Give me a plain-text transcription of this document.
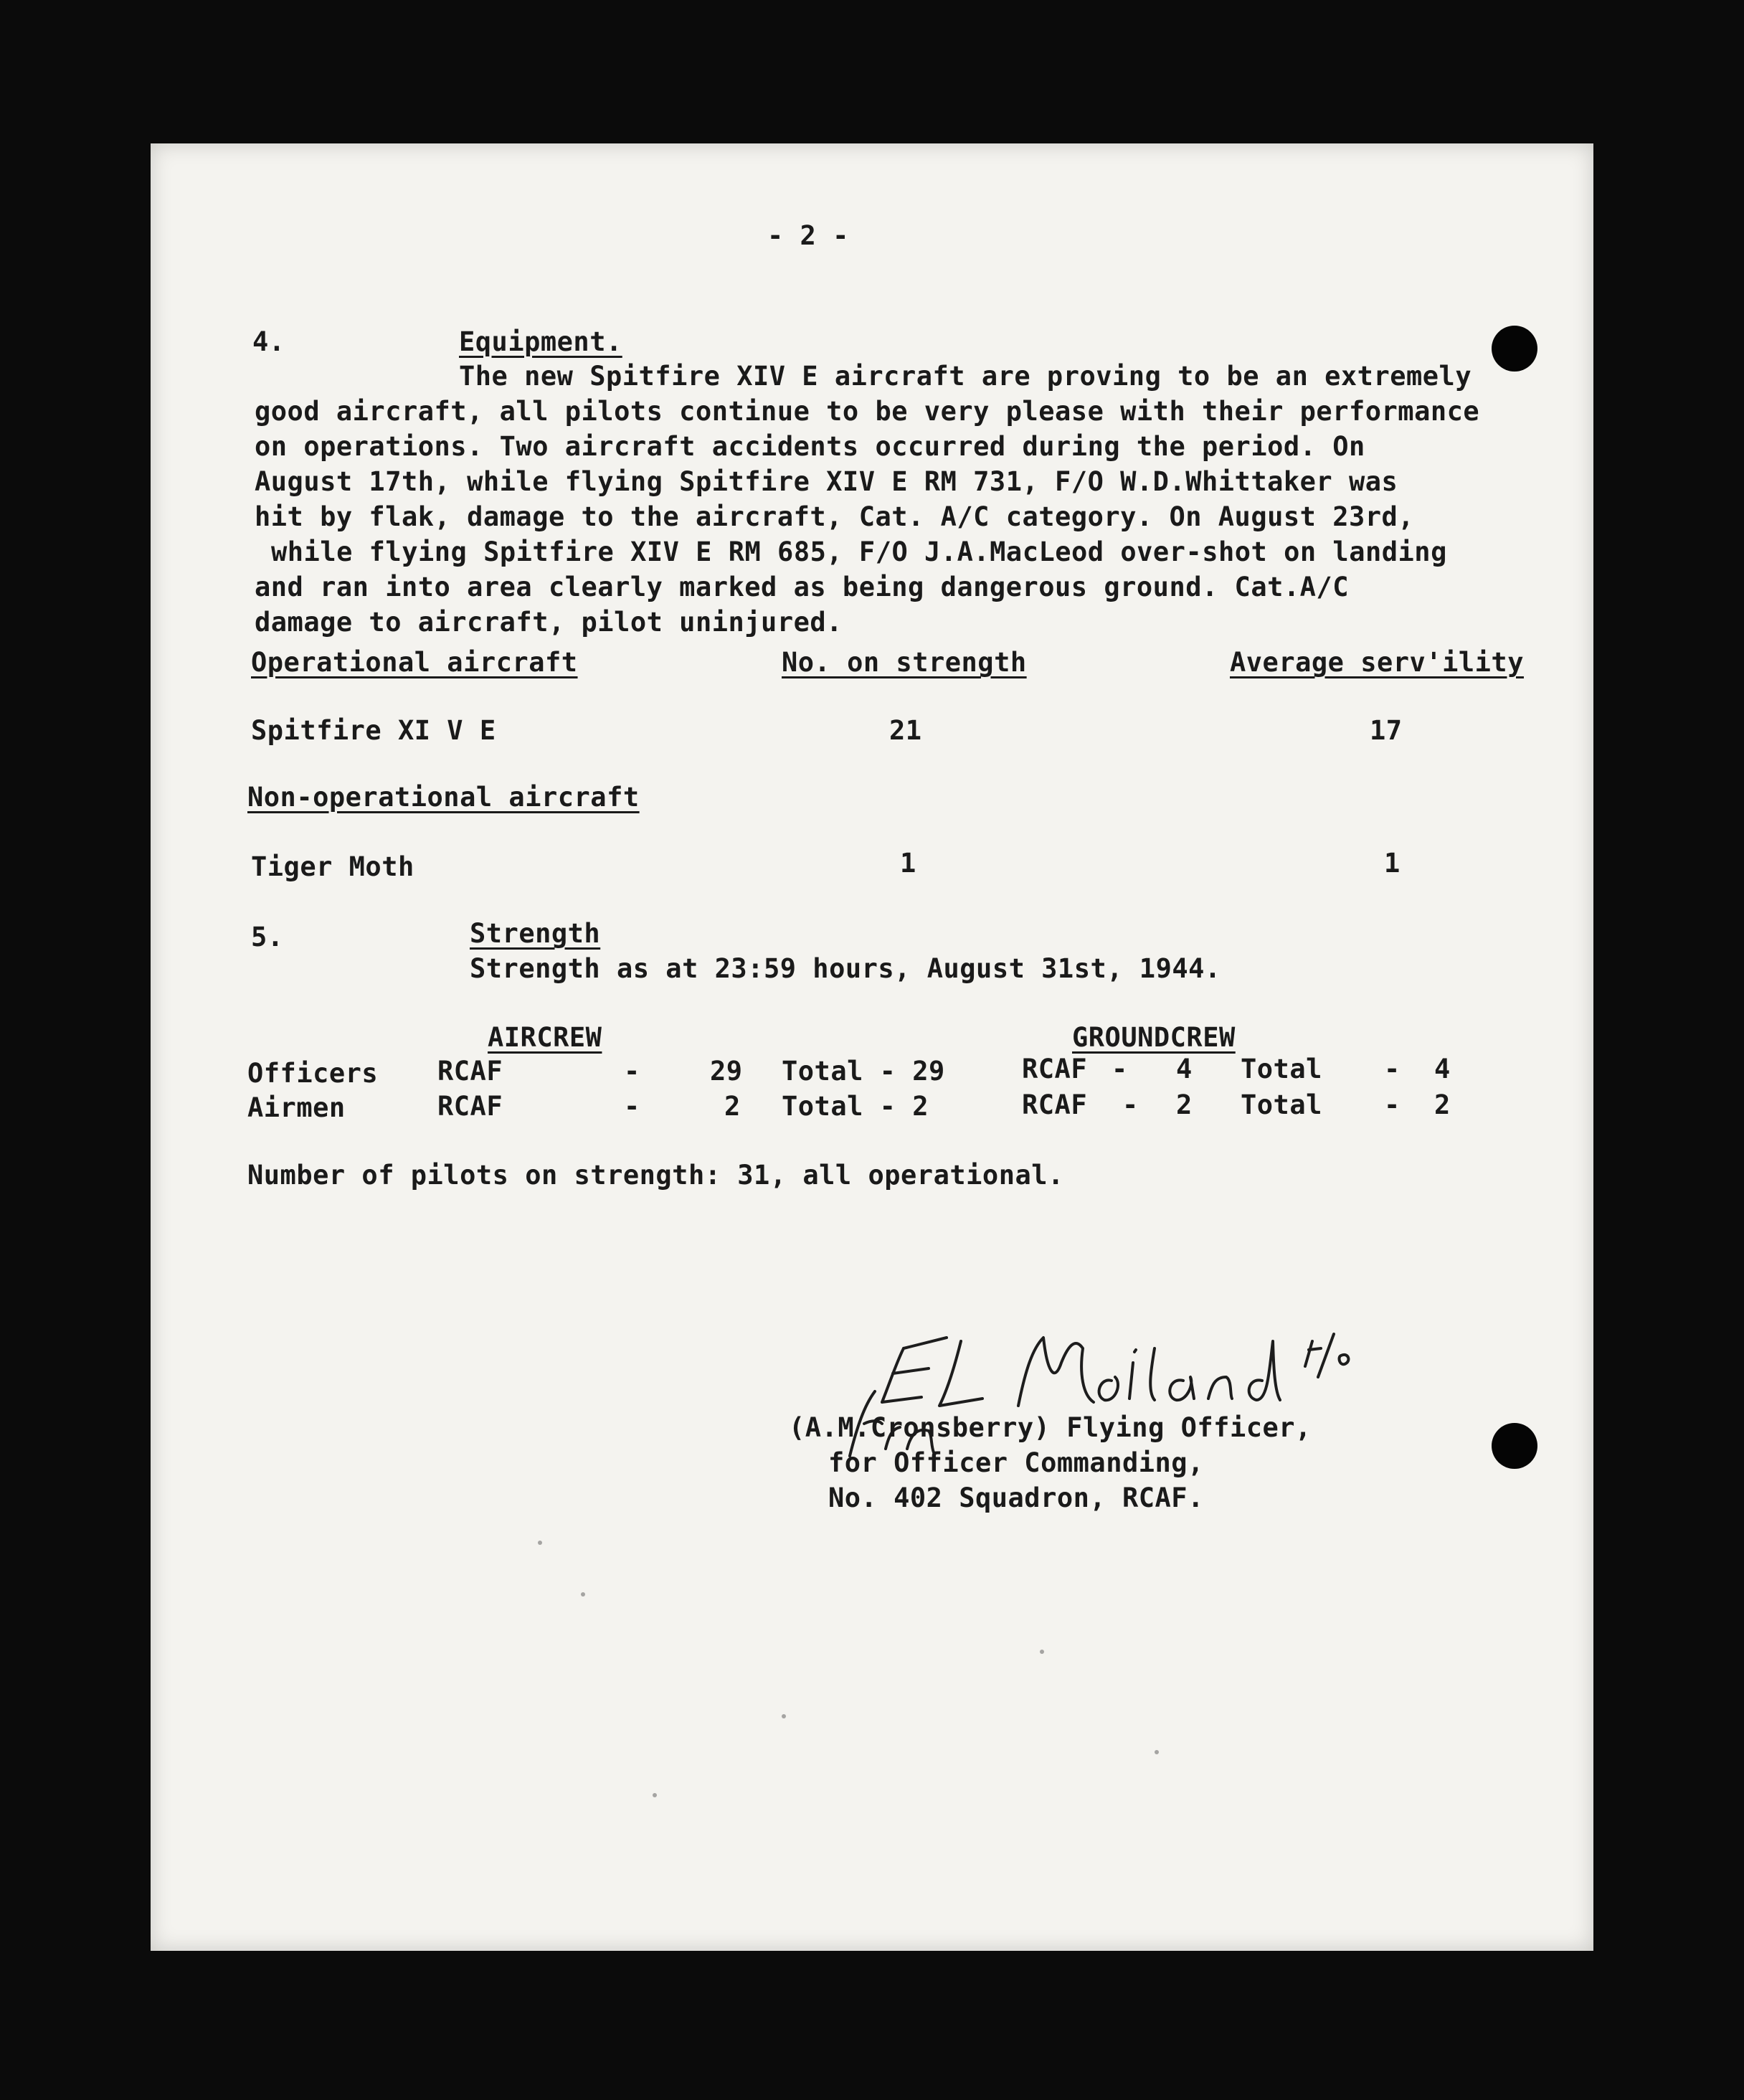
- 2 -
4.	Equipment.
The new Spitfire XIV E aircraft are proving to be an extremely
good aircraft, all pilots continue to be very please with their performance
on operations. Two aircraft accidents occurred during the period. On
August 17th, while flying Spitfire XIV E RM 731, F/O W.D.Whittaker was
hit by flak, damage to the aircraft, Cat. A/C category. On August 23rd,
while flying Spitfire XIV E RM 685, F/O J.A.MacLeod over-shot on landing
and ran into area clearly marked as being dangerous ground. Cat.A/C
damage to aircraft, pilot uninjured.
Operational aircraft	No. on strength	Average serv'ility
Spitfire XI V E	21	17
Non-operational aircraft
Tiger Moth	1	1
5.	Strength
Strength as at 23:59 hours, August 31st, 1944.
AIRCREW	GROUNDCREW
Officers RCAF	-	29 Total - 29	RCAF - 4 Total - 4
Airmen	RCAF	-	2 Total - 2	RCAF - 2 Total - 2
Number of pilots on strength: 31, all operational.
(A.M.Cronsberry) Flying Officer,
for Officer Commanding,
No. 402 Squadron, RCAF.
